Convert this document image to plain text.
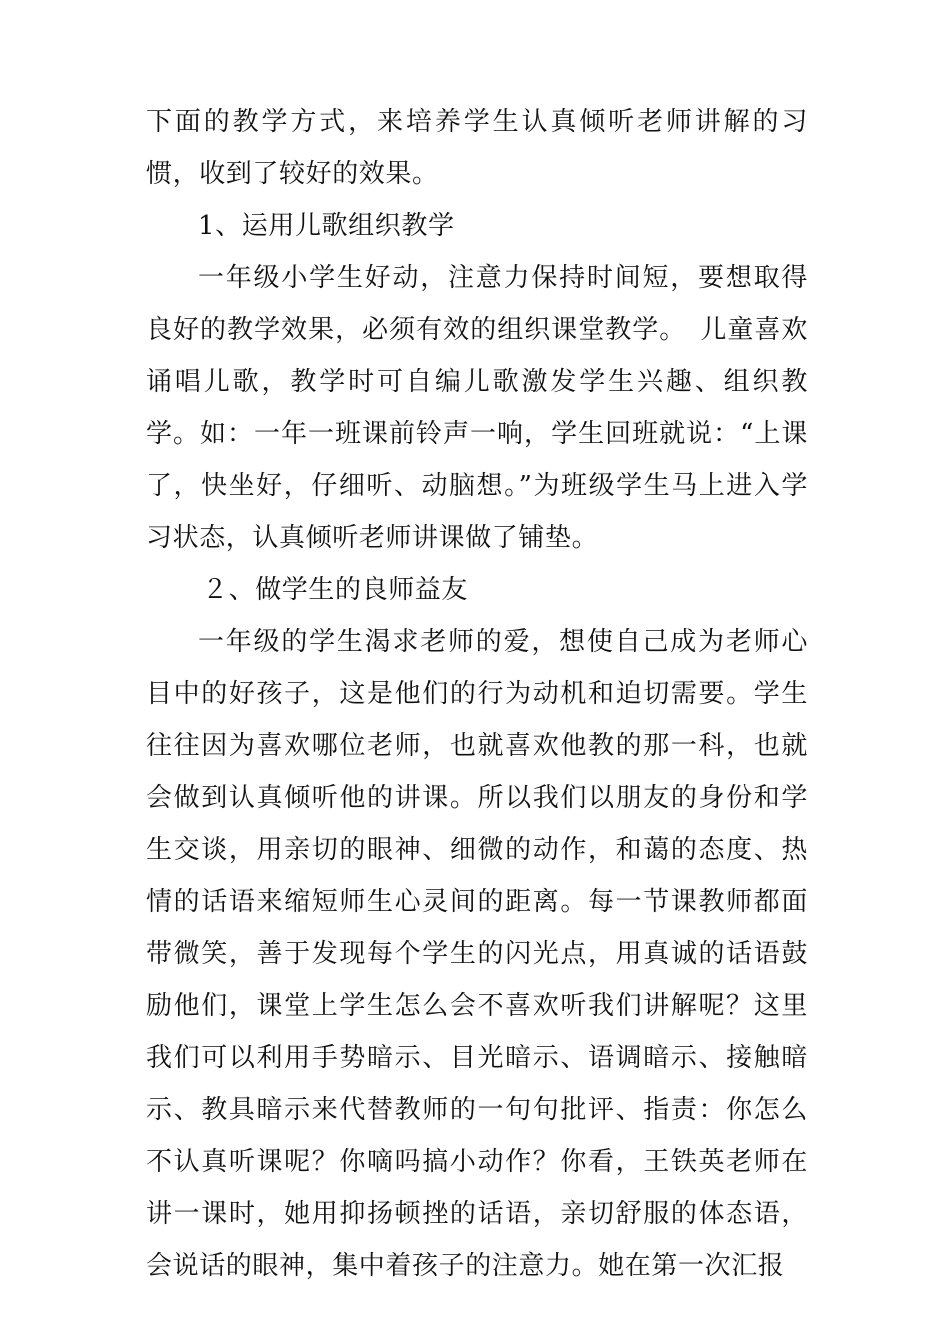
下面的教学方式，来培养学生认真倾听老师讲解的习惯，收到了较好的效果。

1、运用儿歌组织教学

一年级小学生好动，注意力保持时间短，要想取得良好的教学效果，必须有效的组织课堂教学。　儿童喜欢诵唱儿歌，教学时可自编儿歌激发学生兴趣、组织教学。如：一年一班课前铃声一响，学生回班就说：“上课了，快坐好，仔细听、动脑想。”为班级学生马上进入学习状态，认真倾听老师讲课做了铺垫。

２、做学生的良师益友

一年级的学生渴求老师的爱，想使自己成为老师心目中的好孩子，这是他们的行为动机和迫切需要。学生往往因为喜欢哪位老师，也就喜欢他教的那一科，也就会做到认真倾听他的讲课。所以我们以朋友的身份和学生交谈，用亲切的眼神、细微的动作，和蔼的态度、热情的话语来缩短师生心灵间的距离。每一节课教师都面带微笑，善于发现每个学生的闪光点，用真诚的话语鼓励他们，课堂上学生怎么会不喜欢听我们讲解呢？这里我们可以利用手势暗示、目光暗示、语调暗示、接触暗示、教具暗示来代替教师的一句句批评、指责：你怎么不认真听课呢？你嘀吗搞小动作？你看，王铁英老师在讲一课时，她用抑扬顿挫的话语，亲切舒服的体态语，会说话的眼神，集中着孩子的注意力。她在第一次汇报
